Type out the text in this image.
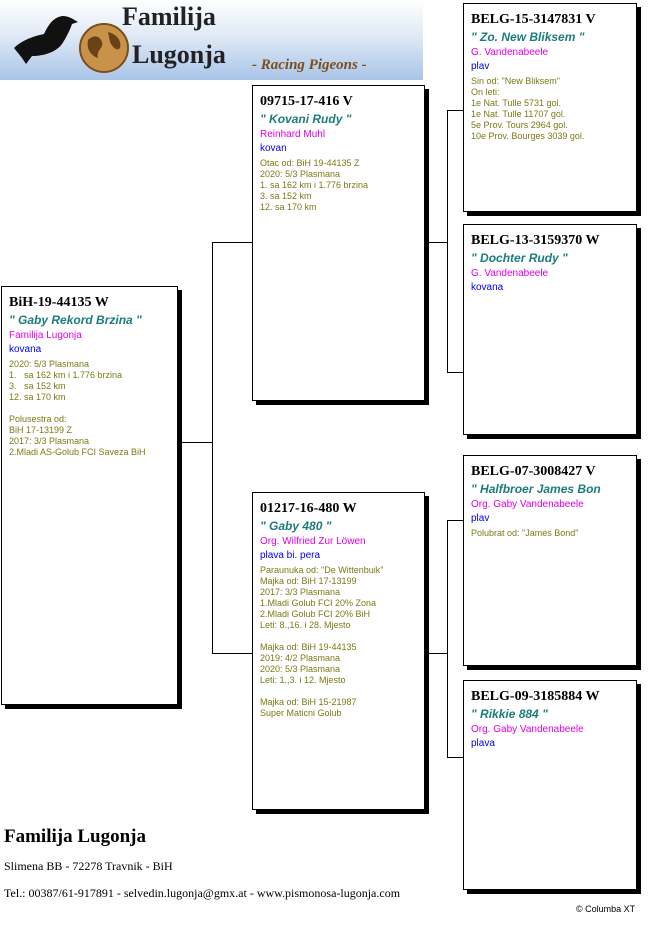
Familija
Lugonja - Racing Pigeons -
BiH-19-44135 W
" Gaby Rekord Brzina "
Familija Lugonja
kovana
2020: 5/3 Plasmana
1.   sa 162 km i 1.776 brzina
3.   sa 152 km
12. sa 170 km
Polusestra od:
BiH 17-13199 Z
2017: 3/3 Plasmana
2.Mladi AS-Golub FCI Saveza BiH
09715-17-416 V
" Kovani Rudy "
Reinhard Muhl
kovan
Otac od: BiH 19-44135 Z
2020: 5/3 Plasmana
1. sa 162 km i 1.776 brzina
3. sa 152 km
12. sa 170 km
01217-16-480 W
" Gaby 480 "
Org. Wilfried Zur Löwen
plava bi. pera
Paraunuka od: "De Wittenbuik"
Majka od: BiH 17-13199
2017: 3/3 Plasmana
1.Mladi Golub FCI 20% Zona
2.Mladi Golub FCI 20% BiH
Leti: 8.,16. i 28. Mjesto
Majka od: BiH 19-44135
2019: 4/2 Plasmana
2020: 5/3 Plasmana
Leti: 1.,3. i 12. Mjesto
Majka od: BiH 15-21987
Super Maticni Golub
BELG-15-3147831 V
" Zo. New Bliksem "
G. Vandenabeele
plav
Sin od: "New Bliksem"
On leti:
1e Nat. Tulle 5731 gol.
1e Nat. Tulle 11707 gol.
5e Prov. Tours 2964 gol.
10e Prov. Bourges 3039 gol.
BELG-13-3159370 W
" Dochter Rudy "
G. Vandenabeele
kovana
BELG-07-3008427 V
" Halfbroer James Bon
Org. Gaby Vandenabeele
plav
Polubrat od: "James Bond"
BELG-09-3185884 W
" Rikkie 884 "
Org. Gaby Vandenabeele
plava
Familija Lugonja
Slimena BB - 72278 Travnik - BiH
Tel.: 00387/61-917891 - selvedin.lugonja@gmx.at - www.pismonosa-lugonja.com
© Columba XT
